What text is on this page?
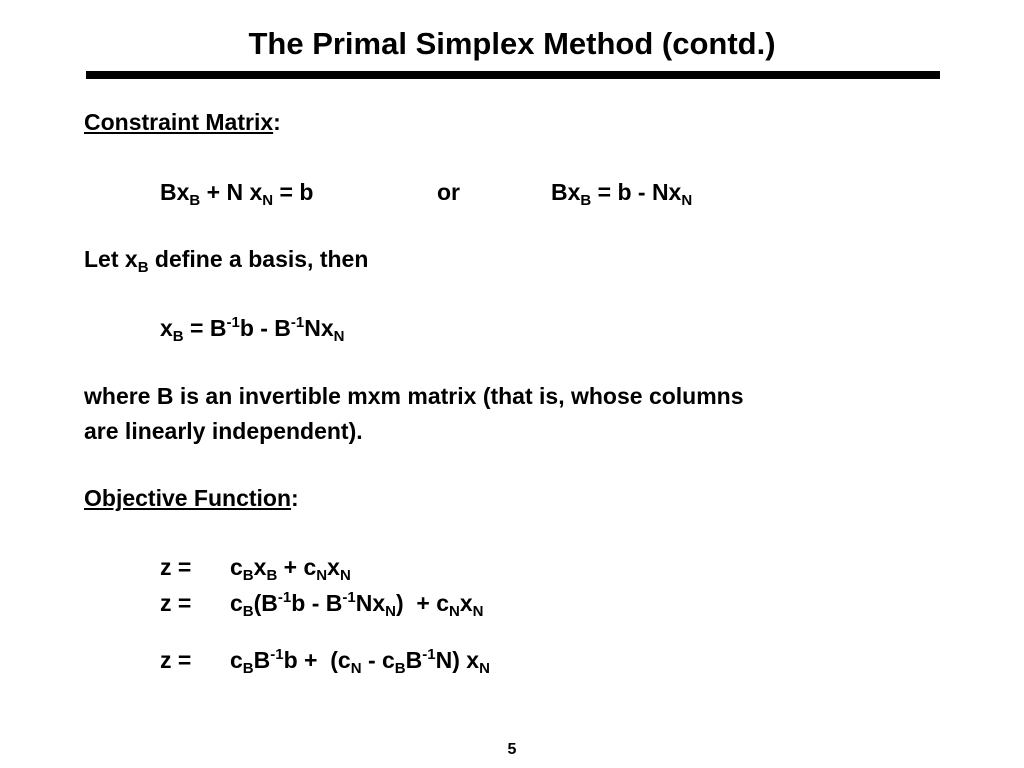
The Primal Simplex Method (contd.)
Constraint Matrix:
$Bx_B + N$ $x_N = b$	or	$Bx_B = b - Nx_N$
Let $x_B$ define a basis, then
$x_B = B^{-1}b - B^{-1}Nx_N$
where B is an invertible mxm matrix (that is, whose columns
are linearly independent).
Objective Function:
$z = c_Bx_B + c_Nx_N$
$z = c_B(B^{-1}b - B^{-1}Nx_N) + c_Nx_N$
$z = c_BB^{-1}b + (c_N - c_BB^{-1}N)$ $x_N$
5
